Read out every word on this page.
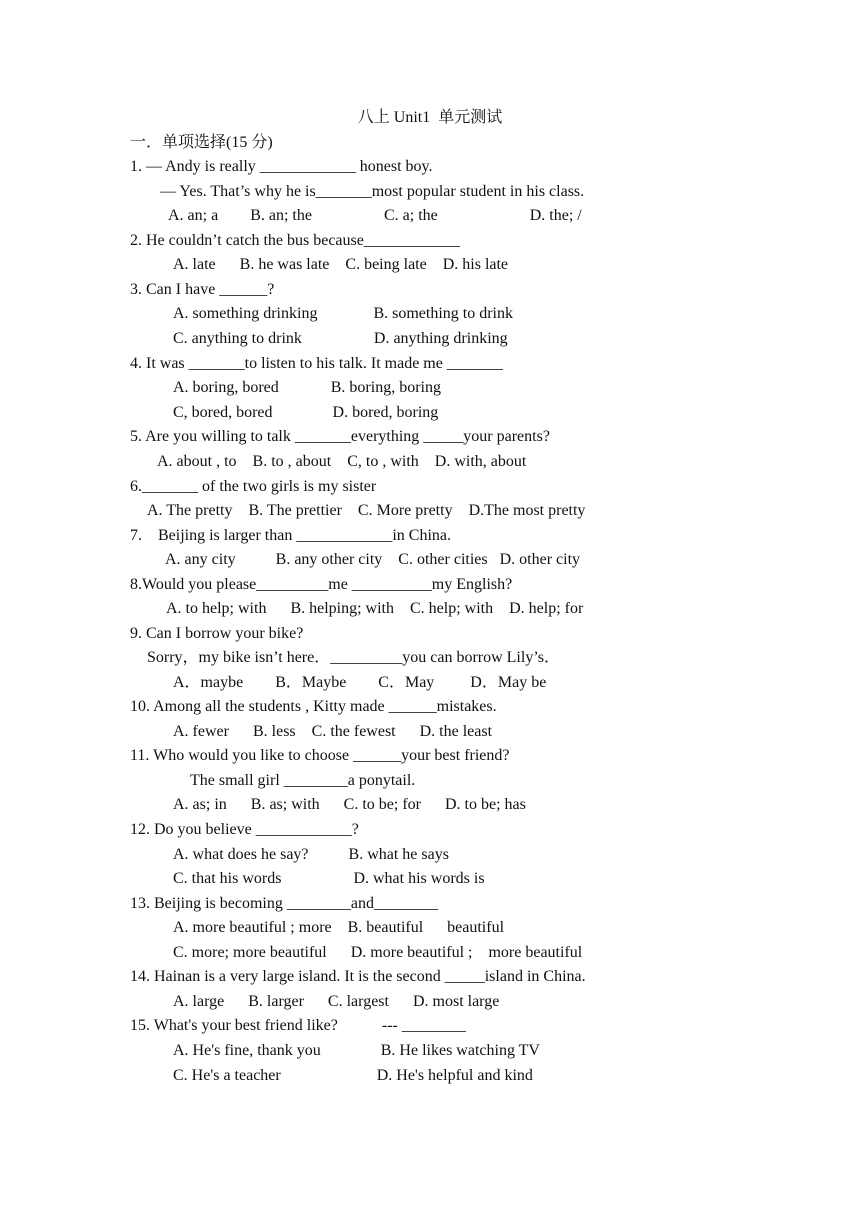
八上 Unit1  单元测试
一．单项选择(15 分)
1. — Andy is really ____________ honest boy.
— Yes. That’s why he is_______most popular student in his class.
A. an; a        B. an; the                  C. a; the                       D. the; /
2. He couldn’t catch the bus because____________
A. late      B. he was late    C. being late    D. his late
3. Can I have ______?
A. something drinking              B. something to drink
C. anything to drink                  D. anything drinking
4. It was _______to listen to his talk. It made me _______
A. boring, bored             B. boring, boring
C, bored, bored               D. bored, boring
5. Are you willing to talk _______everything _____your parents?
A. about , to    B. to , about    C, to , with    D. with, about
6._______ of the two girls is my sister
A. The pretty    B. The prettier    C. More pretty    D.The most pretty
7.    Beijing is larger than ____________in China.
A. any city          B. any other city    C. other cities   D. other city
8.Would you please_________me __________my English?
A. to help; with      B. helping; with    C. help; with    D. help; for
9. Can I borrow your bike?
Sorry，my bike isn’t here．_________you can borrow Lily’s．
A．maybe        B．Maybe        C．May         D．May be
10. Among all the students , Kitty made ______mistakes.
A. fewer      B. less    C. the fewest      D. the least
11. Who would you like to choose ______your best friend?
The small girl ________a ponytail.
A. as; in      B. as; with      C. to be; for      D. to be; has
12. Do you believe ____________?
A. what does he say?          B. what he says
C. that his words                  D. what his words is
13. Beijing is becoming ________and________
A. more beautiful ; more    B. beautiful      beautiful
C. more; more beautiful      D. more beautiful ;    more beautiful
14. Hainan is a very large island. It is the second _____island in China.
A. large      B. larger      C. largest      D. most large
15. What's your best friend like?           --- ________
A. He's fine, thank you               B. He likes watching TV
C. He's a teacher                        D. He's helpful and kind
